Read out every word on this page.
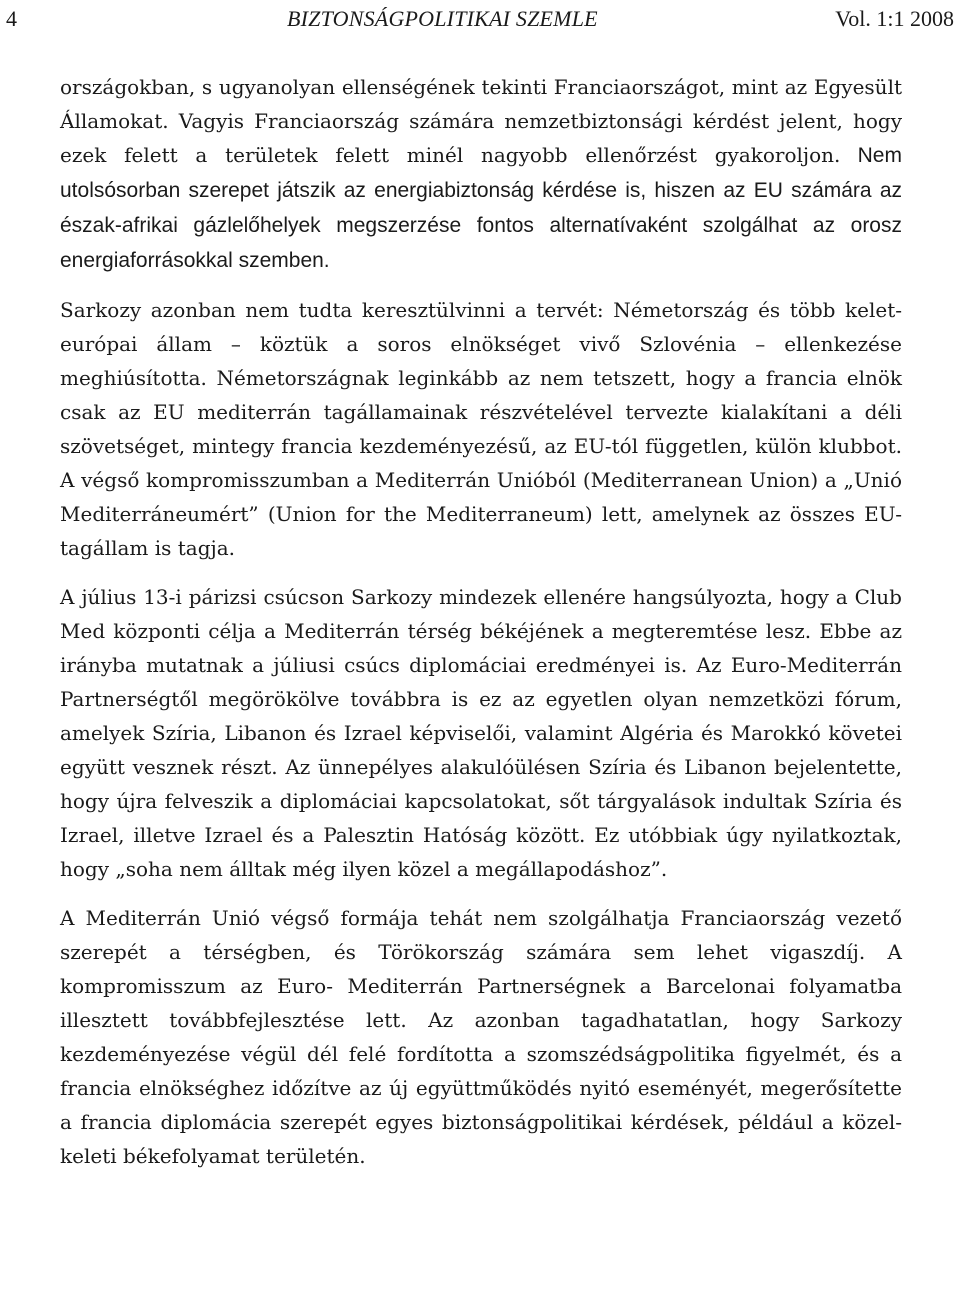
4	BIZTONSÁGPOLITIKAI SZEMLE	Vol. 1:1 2008

országokban, s ugyanolyan ellenségének tekinti Franciaországot, mint az Egyesült Államokat. Vagyis Franciaország számára nemzetbiztonsági kérdést jelent, hogy ezek felett a területek felett minél nagyobb ellenőrzést gyakoroljon. Nem utolsósorban szerepet játszik az energiabiztonság kérdése is, hiszen az EU számára az észak-afrikai gázlelőhelyek megszerzése fontos alternatívaként szolgálhat az orosz energiaforrásokkal szemben.

Sarkozy azonban nem tudta keresztülvinni a tervét: Németország és több kelet-európai állam – köztük a soros elnökséget vivő Szlovénia – ellenkezése meghiúsította. Németországnak leginkább az nem tetszett, hogy a francia elnök csak az EU mediterrán tagállamainak részvételével tervezte kialakítani a déli szövetséget, mintegy francia kezdeményezésű, az EU-tól független, külön klubbot. A végső kompromisszumban a Mediterrán Unióból (Mediterranean Union) a „Unió Mediterráneumért” (Union for the Mediterraneum) lett, amelynek az összes EU-tagállam is tagja.

A július 13-i párizsi csúcson Sarkozy mindezek ellenére hangsúlyozta, hogy a Club Med központi célja a Mediterrán térség békéjének a megteremtése lesz. Ebbe az irányba mutatnak a júliusi csúcs diplomáciai eredményei is. Az Euro-Mediterrán Partnerségtől megörökölve továbbra is ez az egyetlen olyan nemzetközi fórum, amelyek Szíria, Libanon és Izrael képviselői, valamint Algéria és Marokkó követei együtt vesznek részt. Az ünnepélyes alakulóülésen Szíria és Libanon bejelentette, hogy újra felveszik a diplomáciai kapcsolatokat, sőt tárgyalások indultak Szíria és Izrael, illetve Izrael és a Palesztin Hatóság között. Ez utóbbiak úgy nyilatkoztak, hogy „soha nem álltak még ilyen közel a megállapodáshoz”.

A Mediterrán Unió végső formája tehát nem szolgálhatja Franciaország vezető szerepét a térségben, és Törökország számára sem lehet vigaszdíj. A kompromisszum az Euro- Mediterrán Partnerségnek a Barcelonai folyamatba illesztett továbbfejlesztése lett. Az azonban tagadhatatlan, hogy Sarkozy kezdeményezése végül dél felé fordította a szomszédságpolitika figyelmét, és a francia elnökséghez időzítve az új együttműködés nyitó eseményét, megerősítette a francia diplomácia szerepét egyes biztonságpolitikai kérdések, például a közel-keleti békefolyamat területén.
